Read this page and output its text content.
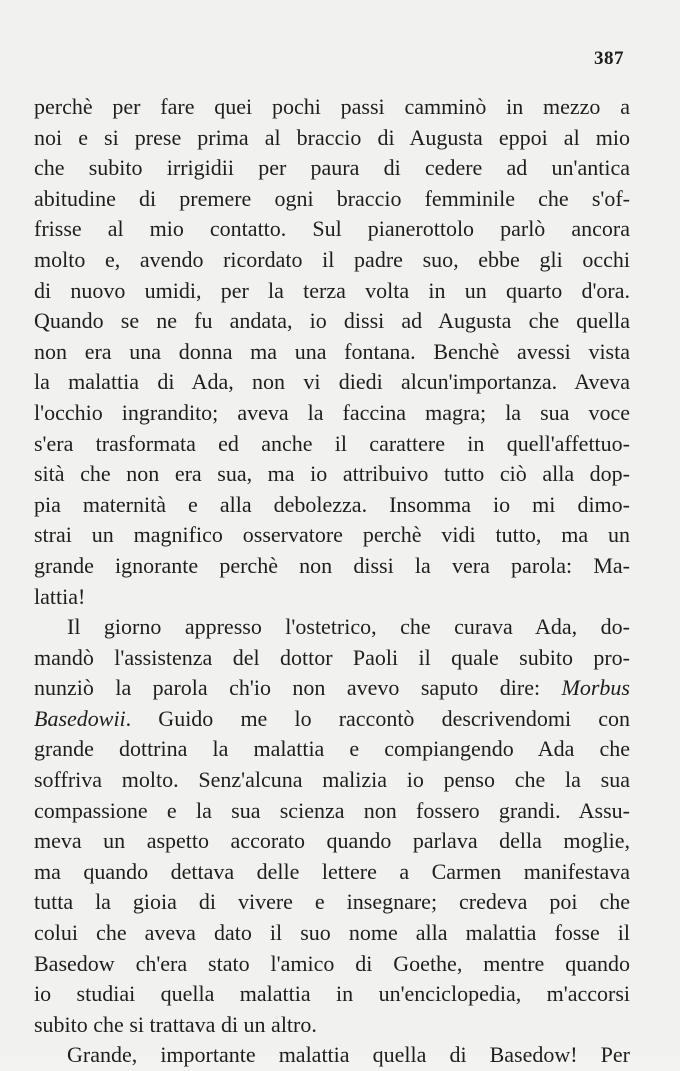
387
perchè per fare quei pochi passi camminò in mezzo a
noi e si prese prima al braccio di Augusta eppoi al mio
che subito irrigidii per paura di cedere ad un'antica
abitudine di premere ogni braccio femminile che s'of-
frisse al mio contatto. Sul pianerottolo parlò ancora
molto e, avendo ricordato il padre suo, ebbe gli occhi
di nuovo umidi, per la terza volta in un quarto d'ora.
Quando se ne fu andata, io dissi ad Augusta che quella
non era una donna ma una fontana. Benchè avessi vista
la malattia di Ada, non vi diedi alcun'importanza. Aveva
l'occhio ingrandito; aveva la faccina magra; la sua voce
s'era trasformata ed anche il carattere in quell'affettuo-
sità che non era sua, ma io attribuivo tutto ciò alla dop-
pia maternità e alla debolezza. Insomma io mi dimo-
strai un magnifico osservatore perchè vidi tutto, ma un
grande ignorante perchè non dissi la vera parola: Ma-
lattia!
Il giorno appresso l'ostetrico, che curava Ada, do-
mandò l'assistenza del dottor Paoli il quale subito pro-
nunziò la parola ch'io non avevo saputo dire: Morbus
Basedowii. Guido me lo raccontò descrivendomi con
grande dottrina la malattia e compiangendo Ada che
soffriva molto. Senz'alcuna malizia io penso che la sua
compassione e la sua scienza non fossero grandi. Assu-
meva un aspetto accorato quando parlava della moglie,
ma quando dettava delle lettere a Carmen manifestava
tutta la gioia di vivere e insegnare; credeva poi che
colui che aveva dato il suo nome alla malattia fosse il
Basedow ch'era stato l'amico di Goethe, mentre quando
io studiai quella malattia in un'enciclopedia, m'accorsi
subito che si trattava di un altro.
Grande, importante malattia quella di Basedow! Per
